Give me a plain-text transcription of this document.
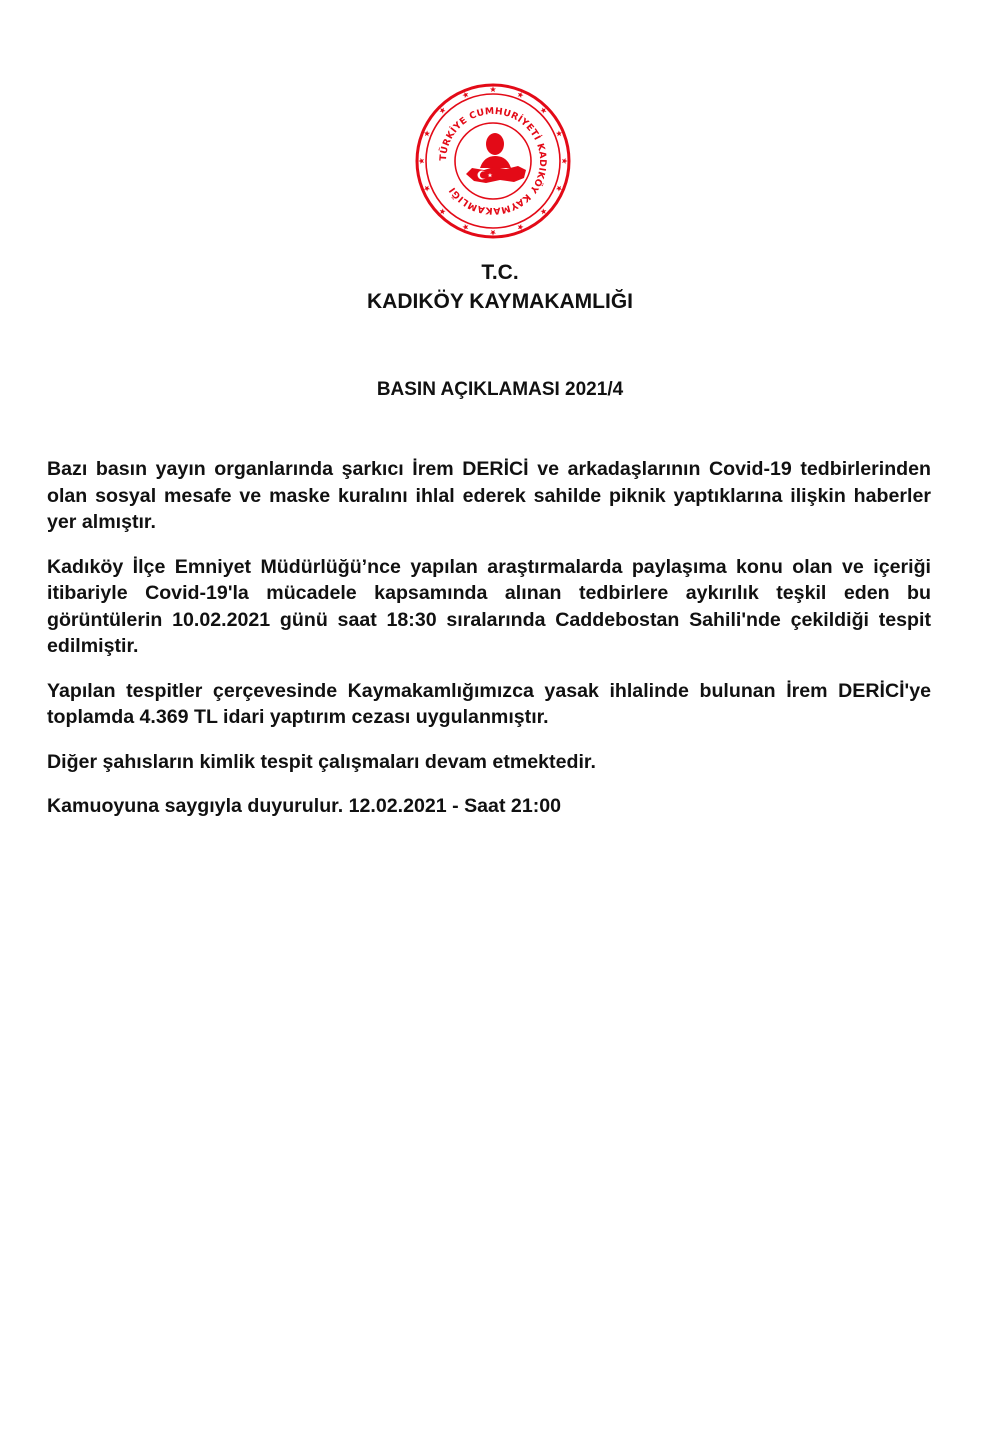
TÜRKİYE CUMHURİYETİ KADIKÖY KAYMAKAMLIĞI
T.C.
KADIKÖY KAYMAKAMLIĞI
BASIN AÇIKLAMASI 2021/4

Bazı basın yayın organlarında şarkıcı İrem DERİCİ ve arkadaşlarının Covid-19 tedbirlerinden olan sosyal mesafe ve maske kuralını ihlal ederek sahilde piknik yaptıklarına ilişkin haberler yer almıştır.

Kadıköy İlçe Emniyet Müdürlüğü’nce yapılan araştırmalarda paylaşıma konu olan ve içeriği itibariyle Covid-19'la mücadele kapsamında alınan tedbirlere aykırılık teşkil eden bu görüntülerin 10.02.2021 günü saat 18:30 sıralarında Caddebostan Sahili'nde çekildiği tespit edilmiştir.

Yapılan tespitler çerçevesinde Kaymakamlığımızca yasak ihlalinde bulunan İrem DERİCİ'ye toplamda 4.369 TL idari yaptırım cezası uygulanmıştır.

Diğer şahısların kimlik tespit çalışmaları devam etmektedir.

Kamuoyuna saygıyla duyurulur. 12.02.2021 - Saat 21:00
